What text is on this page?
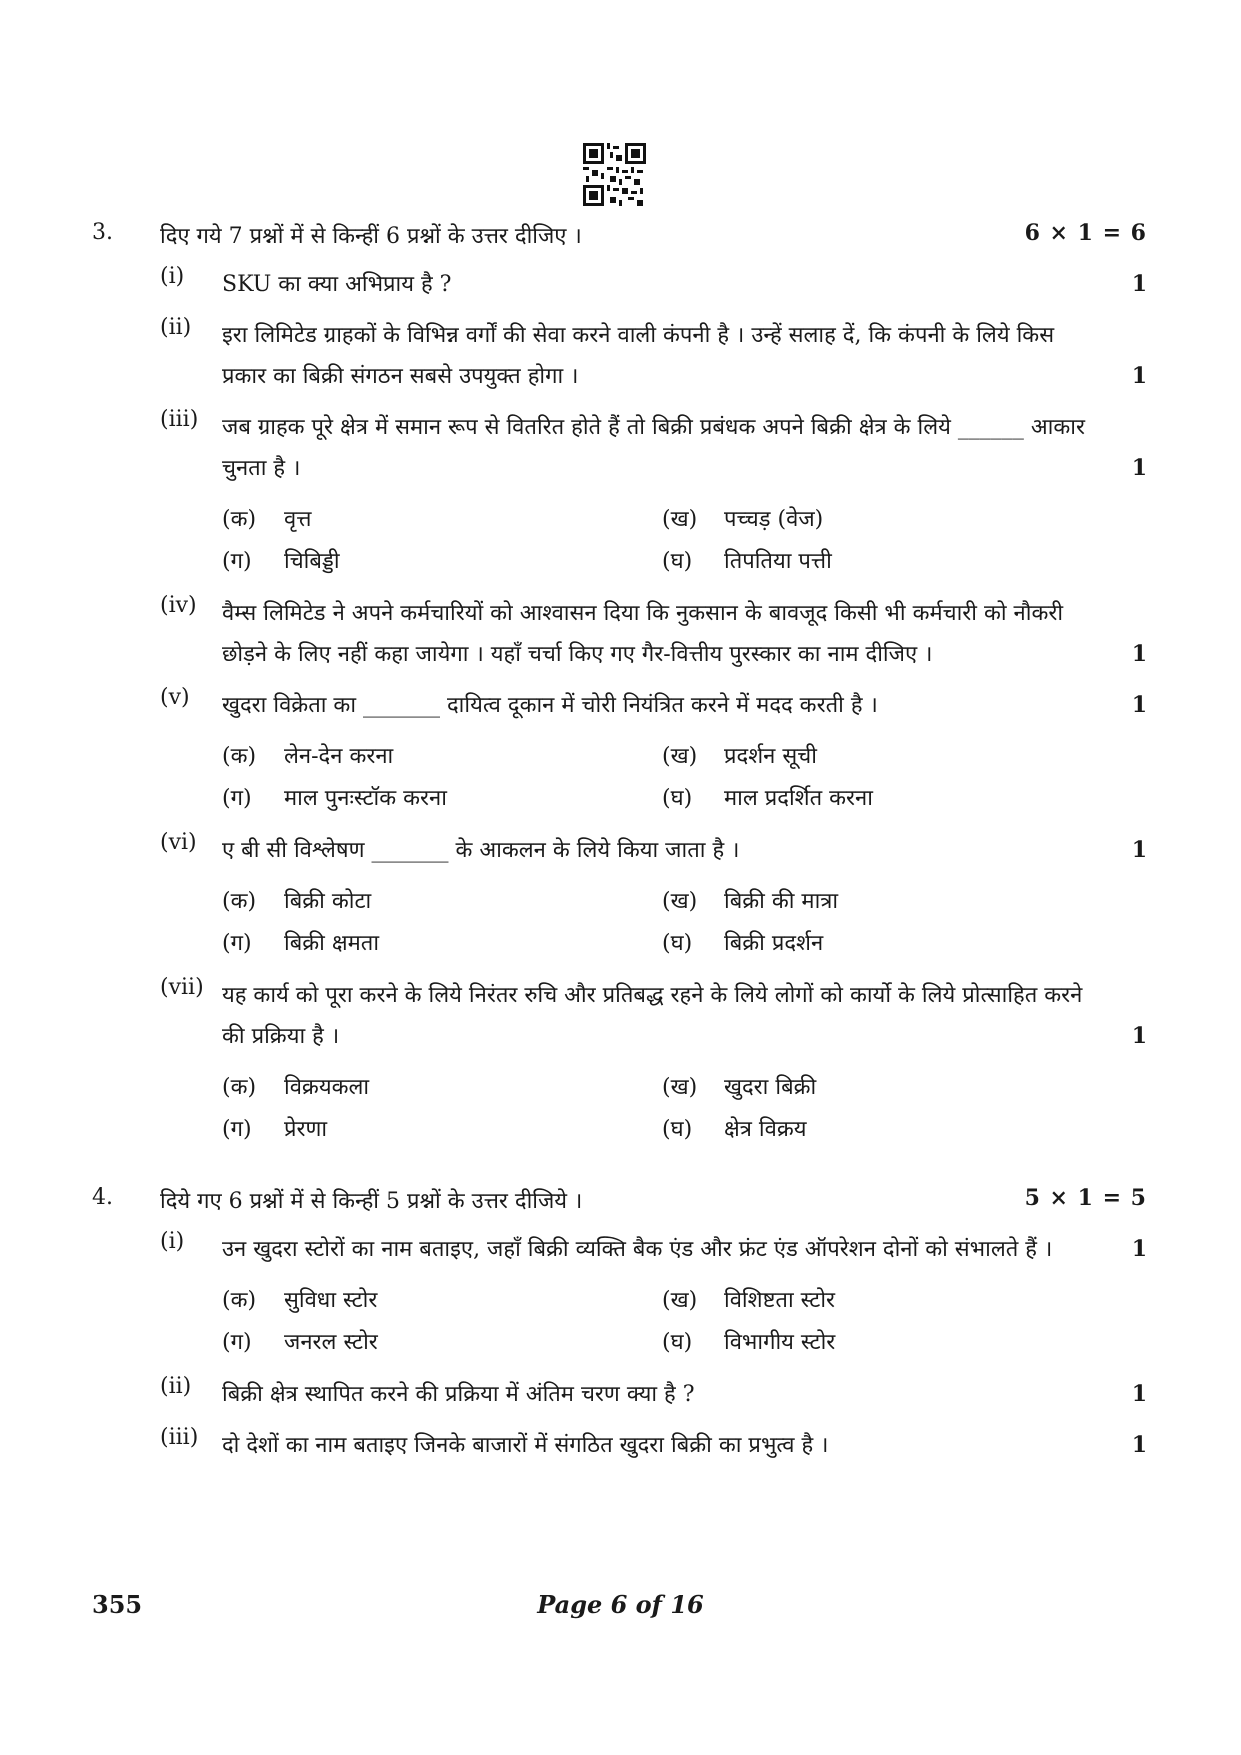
3. दिए गये 7 प्रश्नों में से किन्हीं 6 प्रश्नों के उत्तर दीजिए ।	6 × 1 = 6
(i)	SKU का क्या अभिप्राय है ?	1
(ii)	इरा लिमिटेड ग्राहकों के विभिन्न वर्गों की सेवा करने वाली कंपनी है । उन्हें सलाह दें, कि कंपनी के लिये किस प्रकार का बिक्री संगठन सबसे उपयुक्त होगा ।	1
(iii)	जब ग्राहक पूरे क्षेत्र में समान रूप से वितरित होते हैं तो बिक्री प्रबंधक अपने बिक्री क्षेत्र के लिये ______ आकार चुनता है ।	1
(क) वृत्त	(ख) पच्चड़ (वेज)
(ग) चिबिड्डी	(घ) तिपतिया पत्ती
(iv)	वैम्स लिमिटेड ने अपने कर्मचारियों को आश्वासन दिया कि नुकसान के बावजूद किसी भी कर्मचारी को नौकरी छोड़ने के लिए नहीं कहा जायेगा । यहाँ चर्चा किए गए गैर-वित्तीय पुरस्कार का नाम दीजिए ।	1
(v)	खुदरा विक्रेता का _______ दायित्व दूकान में चोरी नियंत्रित करने में मदद करती है ।	1
(क) लेन-देन करना	(ख) प्रदर्शन सूची
(ग) माल पुनःस्टॉक करना	(घ) माल प्रदर्शित करना
(vi)	ए बी सी विश्लेषण _______ के आकलन के लिये किया जाता है ।	1
(क) बिक्री कोटा	(ख) बिक्री की मात्रा
(ग) बिक्री क्षमता	(घ) बिक्री प्रदर्शन
(vii) यह कार्य को पूरा करने के लिये निरंतर रुचि और प्रतिबद्ध रहने के लिये लोगों को कार्यो के लिये प्रोत्साहित करने की प्रक्रिया है ।	1
(क) विक्रयकला	(ख) खुदरा बिक्री
(ग) प्रेरणा	(घ) क्षेत्र विक्रय
4. दिये गए 6 प्रश्नों में से किन्हीं 5 प्रश्नों के उत्तर दीजिये ।	5 × 1 = 5
(i)	उन खुदरा स्टोरों का नाम बताइए, जहाँ बिक्री व्यक्ति बैक एंड और फ्रंट एंड ऑपरेशन दोनों को संभालते हैं ।	1
(क) सुविधा स्टोर	(ख) विशिष्टता स्टोर
(ग) जनरल स्टोर	(घ) विभागीय स्टोर
(ii)	बिक्री क्षेत्र स्थापित करने की प्रक्रिया में अंतिम चरण क्या है ?	1
(iii)	दो देशों का नाम बताइए जिनके बाजारों में संगठित खुदरा बिक्री का प्रभुत्व है ।	1
355	Page 6 of 16
